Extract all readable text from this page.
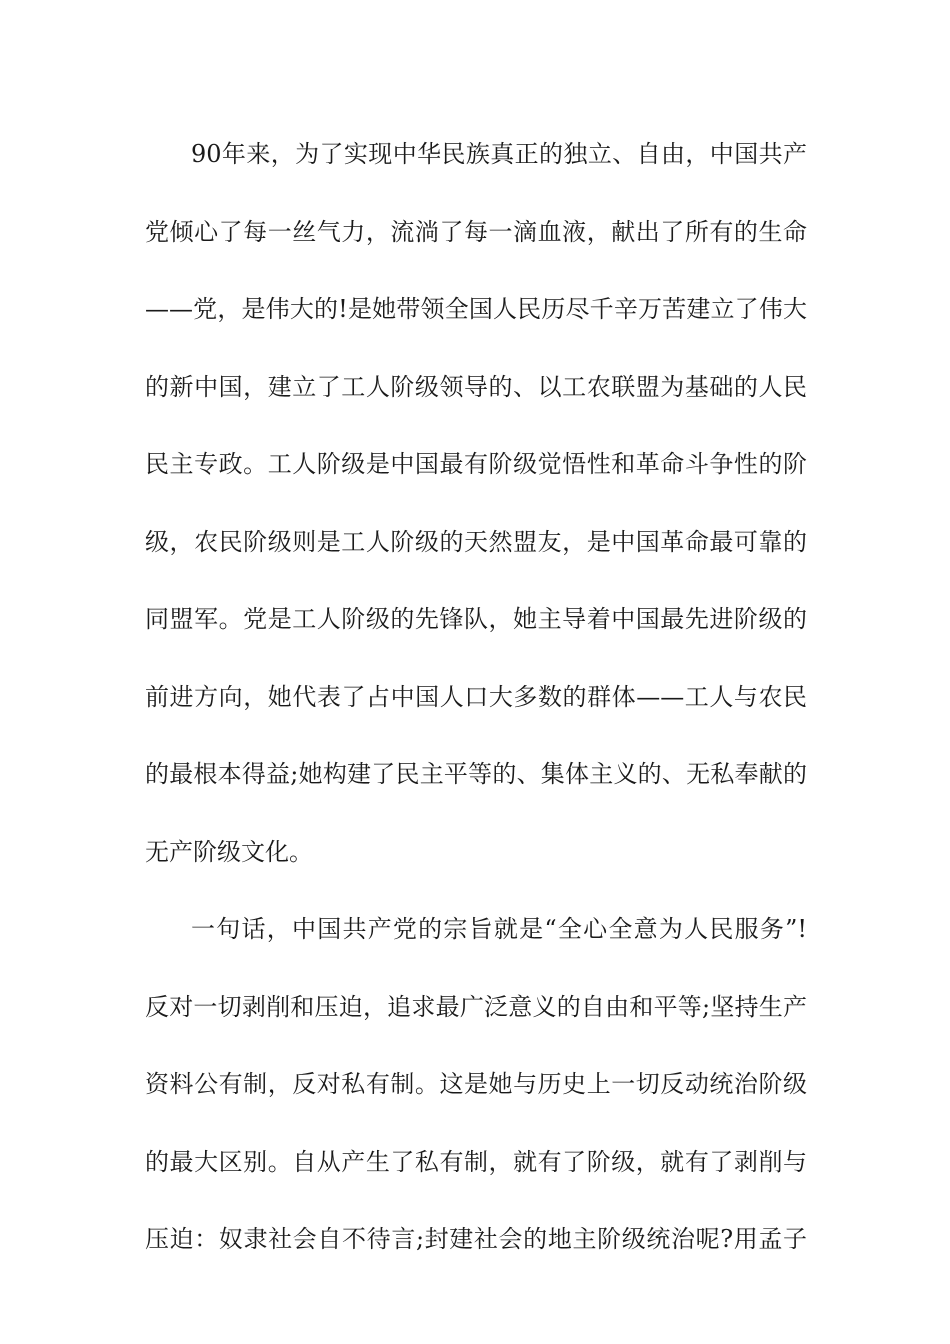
90年来，为了实现中华民族真正的独立、自由，中国共产
党倾心了每一丝气力，流淌了每一滴血液，献出了所有的生命
——党，是伟大的!是她带领全国人民历尽千辛万苦建立了伟大
的新中国，建立了工人阶级领导的、以工农联盟为基础的人民
民主专政。工人阶级是中国最有阶级觉悟性和革命斗争性的阶
级，农民阶级则是工人阶级的天然盟友，是中国革命最可靠的
同盟军。党是工人阶级的先锋队，她主导着中国最先进阶级的
前进方向，她代表了占中国人口大多数的群体——工人与农民
的最根本得益;她构建了民主平等的、集体主义的、无私奉献的
无产阶级文化。
一句话，中国共产党的宗旨就是“全心全意为人民服务”!
反对一切剥削和压迫，追求最广泛意义的自由和平等;坚持生产
资料公有制，反对私有制。这是她与历史上一切反动统治阶级
的最大区别。自从产生了私有制，就有了阶级，就有了剥削与
压迫：奴隶社会自不待言;封建社会的地主阶级统治呢?用孟子
